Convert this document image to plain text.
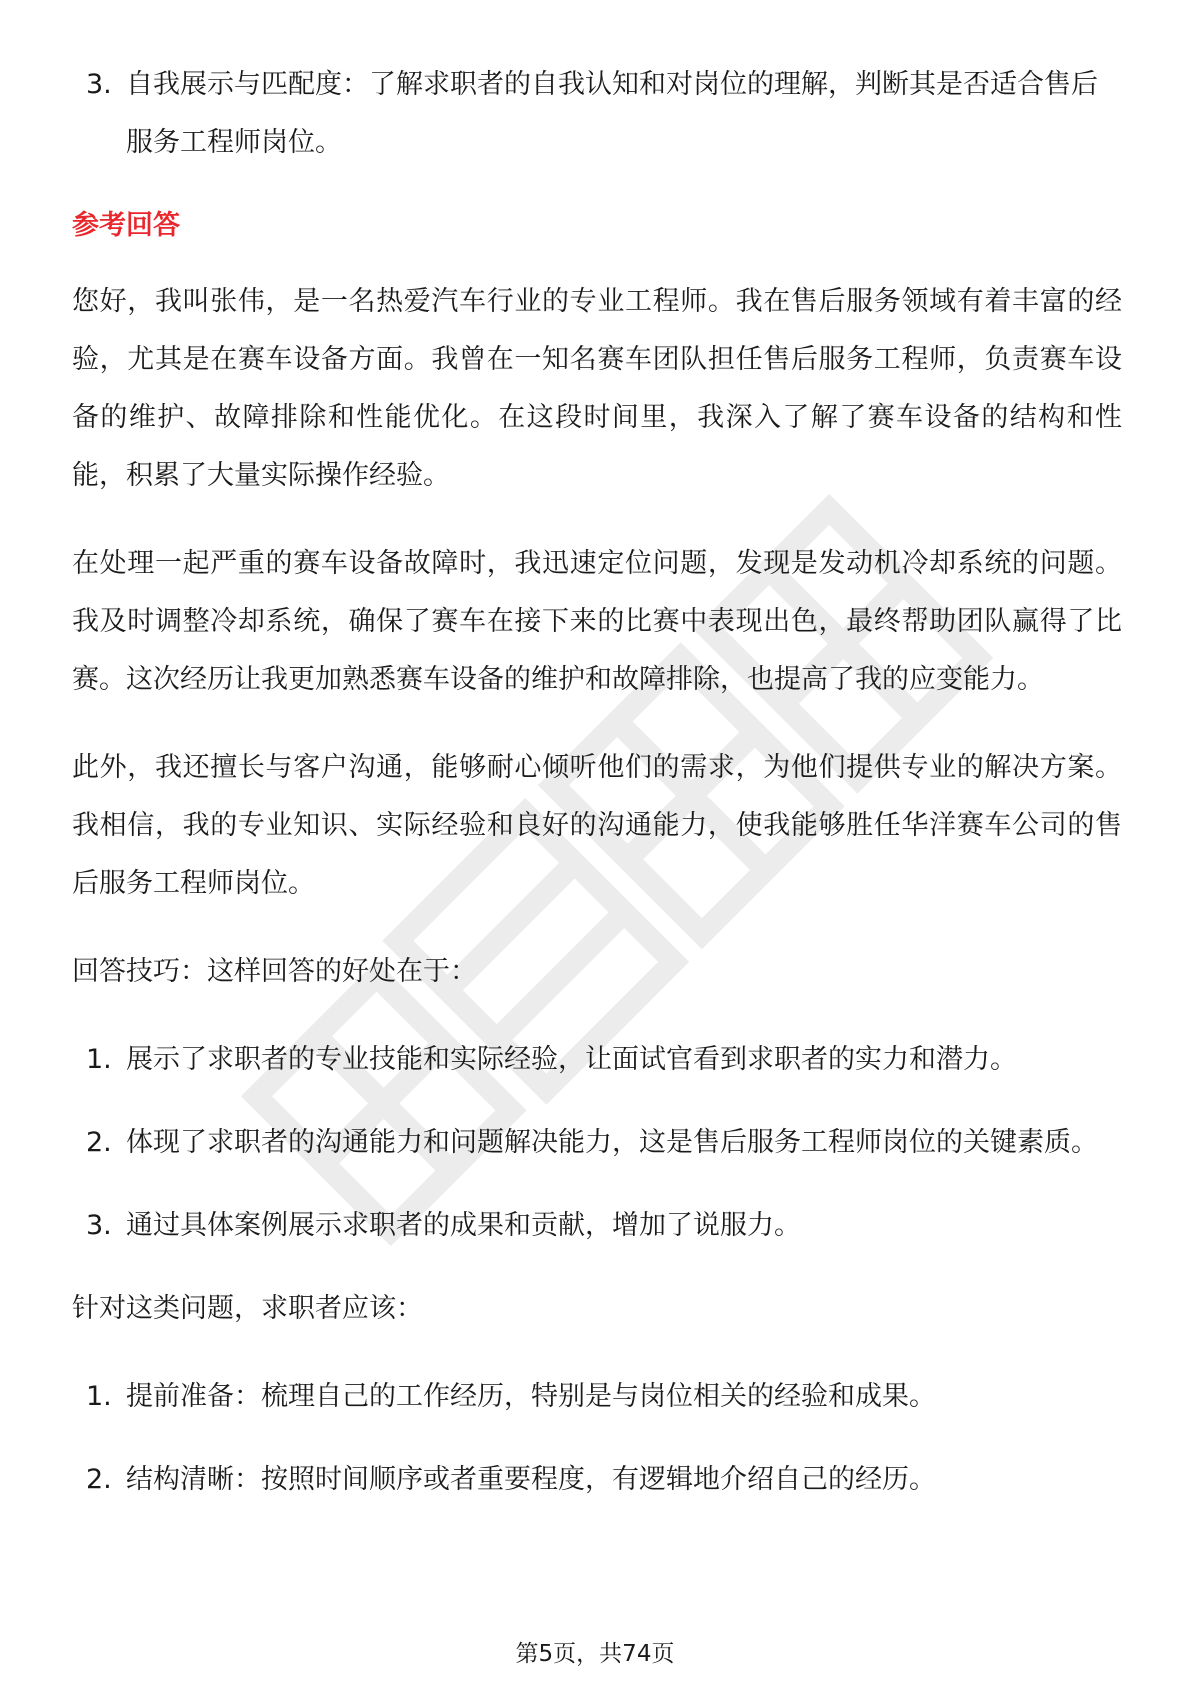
3. 自我展示与匹配度：了解求职者的自我认知和对岗位的理解，判断其是否适合售后服务工程师岗位。
参考回答

您好，我叫张伟，是一名热爱汽车行业的专业工程师。我在售后服务领域有着丰富的经验，尤其是在赛车设备方面。我曾在一知名赛车团队担任售后服务工程师，负责赛车设备的维护、故障排除和性能优化。在这段时间里，我深入了解了赛车设备的结构和性能，积累了大量实际操作经验。

在处理一起严重的赛车设备故障时，我迅速定位问题，发现是发动机冷却系统的问题。我及时调整冷却系统，确保了赛车在接下来的比赛中表现出色，最终帮助团队赢得了比赛。这次经历让我更加熟悉赛车设备的维护和故障排除，也提高了我的应变能力。

此外，我还擅长与客户沟通，能够耐心倾听他们的需求，为他们提供专业的解决方案。我相信，我的专业知识、实际经验和良好的沟通能力，使我能够胜任华洋赛车公司的售后服务工程师岗位。

回答技巧：这样回答的好处在于：

1. 展示了求职者的专业技能和实际经验，让面试官看到求职者的实力和潜力。
2. 体现了求职者的沟通能力和问题解决能力，这是售后服务工程师岗位的关键素质。
3. 通过具体案例展示求职者的成果和贡献，增加了说服力。

针对这类问题，求职者应该：

1. 提前准备：梳理自己的工作经历，特别是与岗位相关的经验和成果。
2. 结构清晰：按照时间顺序或者重要程度，有逻辑地介绍自己的经历。
第5页，共74页
